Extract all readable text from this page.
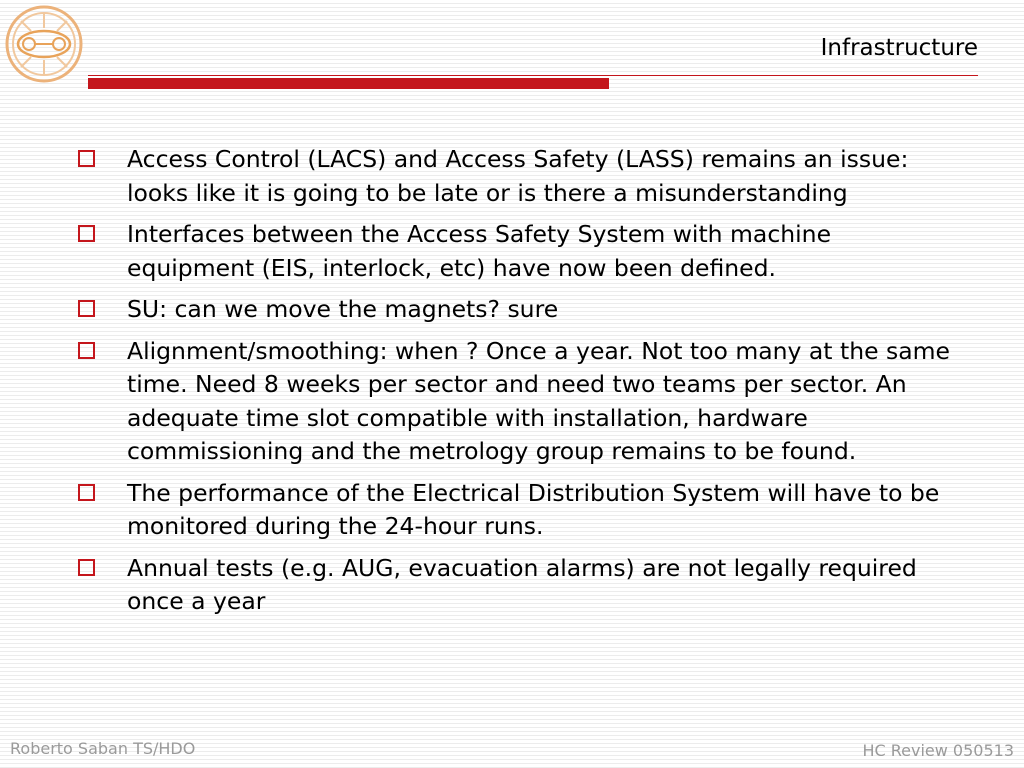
Infrastructure
Access Control (LACS) and Access Safety (LASS) remains an issue: looks like it is going to be late or is there a misunderstanding
Interfaces between the Access Safety System with machine equipment (EIS, interlock, etc) have now been defined.
SU: can we move the magnets? sure
Alignment/smoothing: when ? Once a year. Not too many at the same time. Need 8 weeks per sector and need two teams per sector. An adequate time slot compatible with installation, hardware commissioning and the metrology group remains to be found.
The performance of the Electrical Distribution System will have to be monitored during the 24-hour runs.
Annual tests (e.g. AUG, evacuation alarms) are not legally required once a year
Roberto Saban TS/HDO	HC Review 050513
